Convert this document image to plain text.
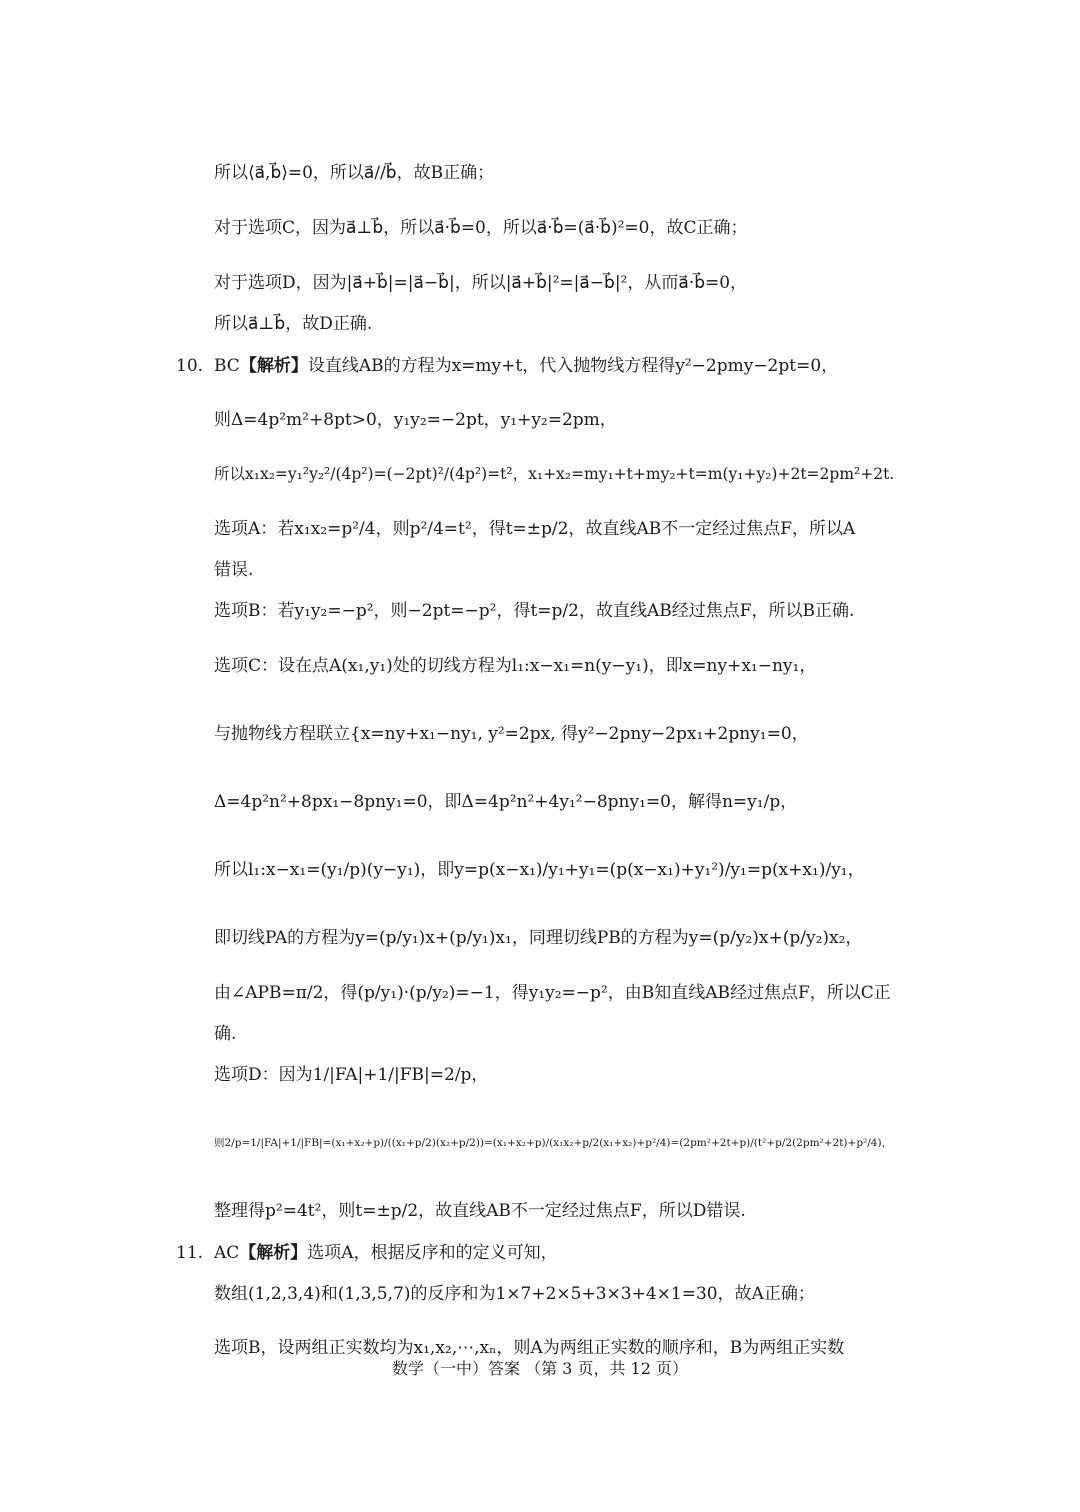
所以⟨a⃗,b⃗⟩=0，所以a⃗//b⃗，故B正确；
对于选项C，因为a⃗⊥b⃗，所以a⃗·b⃗=0，所以a⃗·b⃗=(a⃗·b⃗)²=0，故C正确；
对于选项D，因为|a⃗+b⃗|=|a⃗−b⃗|，所以|a⃗+b⃗|²=|a⃗−b⃗|²，从而a⃗·b⃗=0，
所以a⃗⊥b⃗，故D正确.
10. BC【解析】设直线AB的方程为x=my+t，代入抛物线方程得y²−2pmy−2pt=0，
则Δ=4p²m²+8pt>0，y₁y₂=−2pt，y₁+y₂=2pm，
所以x₁x₂=y₁²y₂²/(4p²)=(−2pt)²/(4p²)=t²，x₁+x₂=my₁+t+my₂+t=m(y₁+y₂)+2t=2pm²+2t.
选项A：若x₁x₂=p²/4，则p²/4=t²，得t=±p/2，故直线AB不一定经过焦点F，所以A
错误.
选项B：若y₁y₂=−p²，则−2pt=−p²，得t=p/2，故直线AB经过焦点F，所以B正确.
选项C：设在点A(x₁,y₁)处的切线方程为l₁:x−x₁=n(y−y₁)，即x=ny+x₁−ny₁，
与抛物线方程联立{x=ny+x₁−ny₁, y²=2px, 得y²−2pny−2px₁+2pny₁=0，
Δ=4p²n²+8px₁−8pny₁=0，即Δ=4p²n²+4y₁²−8pny₁=0，解得n=y₁/p，
所以l₁:x−x₁=(y₁/p)(y−y₁)，即y=p(x−x₁)/y₁+y₁=(p(x−x₁)+y₁²)/y₁=p(x+x₁)/y₁，
即切线PA的方程为y=(p/y₁)x+(p/y₁)x₁，同理切线PB的方程为y=(p/y₂)x+(p/y₂)x₂，
由∠APB=π/2，得(p/y₁)·(p/y₂)=−1，得y₁y₂=−p²，由B知直线AB经过焦点F，所以C正
确.
选项D：因为1/|FA|+1/|FB|=2/p，
则2/p=1/|FA|+1/|FB|=(x₁+x₂+p)/((x₁+p/2)(x₂+p/2))=(x₁+x₂+p)/(x₁x₂+p/2(x₁+x₂)+p²/4)=(2pm²+2t+p)/(t²+p/2(2pm²+2t)+p²/4)，
整理得p²=4t²，则t=±p/2，故直线AB不一定经过焦点F，所以D错误.
11. AC【解析】选项A，根据反序和的定义可知，
数组(1,2,3,4)和(1,3,5,7)的反序和为1×7+2×5+3×3+4×1=30，故A正确；
选项B，设两组正实数均为x₁,x₂,⋯,xₙ，则A为两组正实数的顺序和，B为两组正实数
数学（一中）答案 （第 3 页，共 12 页）
